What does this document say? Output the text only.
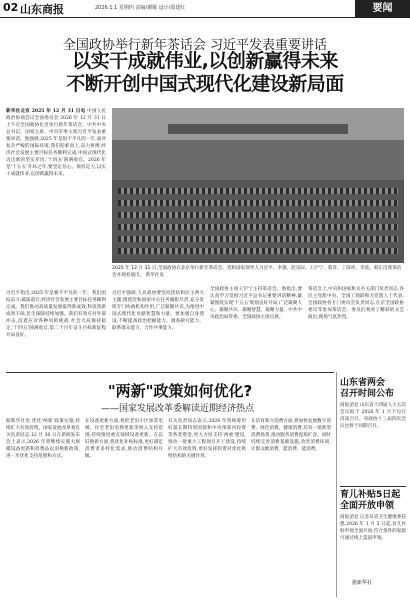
02 山东商报	2026.1.1 星期四 责编/谢顺 设计/邵建红	要闻
全国政协举行新年茶话会 习近平发表重要讲话
以实干成就伟业,以创新赢得未来
不断开创中国式现代化建设新局面
新华社北京 2025 年 12 月 31 日电 中国人民政治协商会议全国委员会 2026 年 12 月 31 日上午在全国政协礼堂举行新年茶话会。中共中央总书记、国家主席、中央军委主席习近平发表重要讲话。他强调,2025 年是很不平凡的一年,面对复杂严峻的国际环境,我们迎难而上,奋力拼搏,经济社会发展主要目标任务顺利完成,中国式现代化迈出新的坚实步伐,'十四五'圆满收官。2026 年是'十五五'开局之年,要坚定信心、保持定力,以实干成就伟业,以创新赢得未来。
2025 年 12 月 31 日,全国政协在北京举行新年茶话会。党和国家领导人习近平、李强、赵乐际、王沪宁、蔡奇、丁薛祥、李希、韩正出席茶话会并观看演出。 新华社发
习近平指出,2025 年是极不平凡的一年。我们团结奋斗,砥砺前行,经济社会发展主要目标任务顺利完成。我们推动高质量发展取得新成效,科技创新成果丰硕,民生保障持续加强。我们有效应对外部冲击,沉着应对各种风险挑战,社会大局保持稳定,'十四五'圆满收官,第二个百年奋斗目标新征程开局良好。
习近平强调,人民政协要坚持团结和民主两大主题,围绕党和国家中心任务履职尽责,充分发挥专门协商机构作用,广泛凝聚共识,为推进中国式现代化贡献智慧和力量。要加强自身建设,不断提高政治把握能力、调查研究能力、联系群众能力、合作共事能力。
全国政协主席王沪宁主持茶话会。他指出,要认真学习贯彻习近平总书记重要讲话精神,紧紧围绕实现'十五五'规划良好开局,广泛凝聚人心、凝聚共识、凝聚智慧、凝聚力量。中共中央政治局常委、全国政协主席出席。
茶话会上,中央和国家机关有关部门负责同志,各民主党派中央、全国工商联和无党派人士代表,全国政协各专门委员会负责同志,在京全国政协委员等参加茶话会。委员们观看了精彩的文艺演出,现场气氛热烈。
"两新"政策如何优化?
——国家发展改革委解读近期经济热点
据新华社电 优化'两新'政策实施,持续扩大有效投资。国家发展改革委有关负责同志 12 月 30 日在新闻发布会上表示,2026 年将继续实施大规模设备更新和消费品以旧换新政策,进一步优化支持范围和方式。
在设备更新方面,将把老旧小区加装电梯、住宅老旧电梯更新等纳入支持范围,持续推进重点领域设备更新。在以旧换新方面,将优化补贴标准,更好满足消费者多样化需求,推动消费结构升级。
有关负责同志表示,2026 年将统筹用好超长期特别国债和中央预算内投资等各类资金,更大力度支持'两重'建设,推动一批重大工程项目开工建设,持续扩大有效投资,更好发挥投资对优化供给结构的关键作用。
在培育新兴消费方面,将加快发展数字消费、绿色消费、健康消费,培育一批新型消费场景,推动服务消费提质扩容。同时持续完善消费基础设施,改善消费环境,让群众敢消费、愿消费、能消费。
山东省两会
召开时间公布
商报消息 山东省十四届人大五次会议拟于 2026 年 1 月下旬在济南召开。省政协十三届四次会议也将于同期召开。
育儿补贴5日起
全面开放申领
商报消息 记者从省卫生健康委获悉,2026 年 1 月 5 日起,育儿补贴申领全面开放,符合条件的家庭可通过线上渠道申领。
据新华社
